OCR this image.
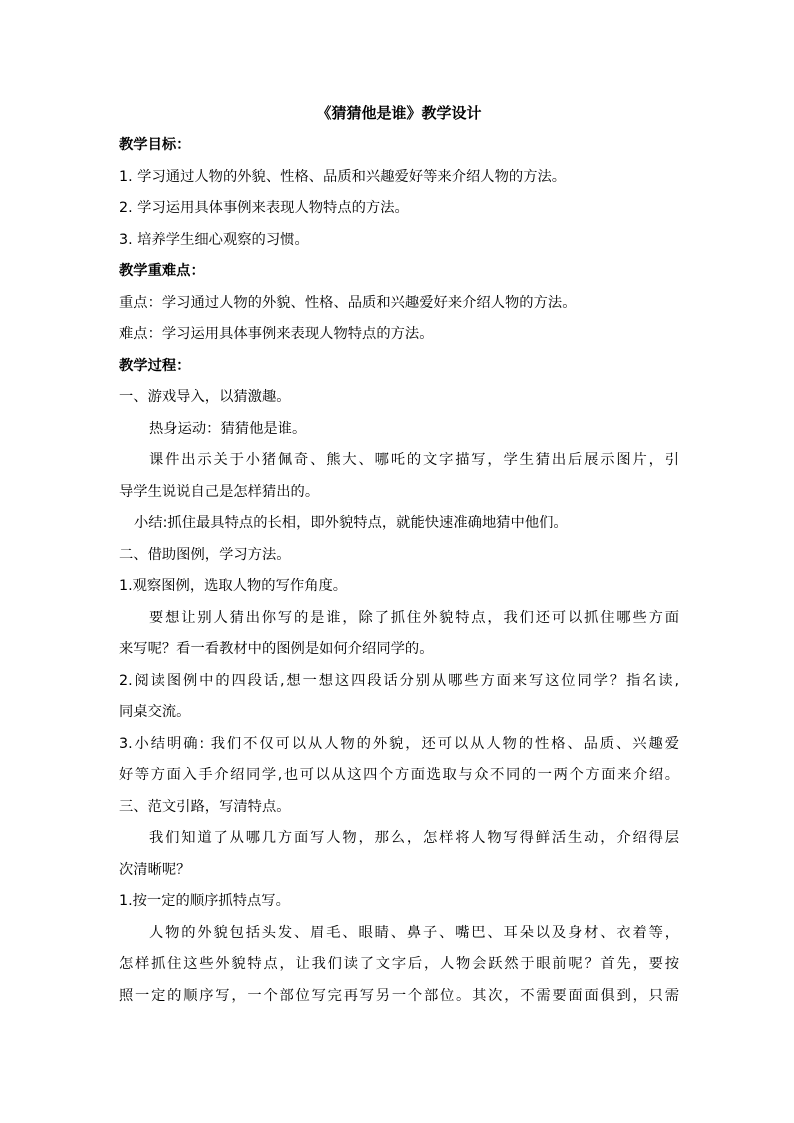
《猜猜他是谁》教学设计
教学目标：
1. 学习通过人物的外貌、性格、品质和兴趣爱好等来介绍人物的方法。
2. 学习运用具体事例来表现人物特点的方法。
3. 培养学生细心观察的习惯。
教学重难点：
重点：学习通过人物的外貌、性格、品质和兴趣爱好来介绍人物的方法。
难点：学习运用具体事例来表现人物特点的方法。
教学过程：
一、游戏导入，以猜激趣。
热身运动：猜猜他是谁。
课件出示关于小猪佩奇、熊大、哪吒的文字描写，学生猜出后展示图片，引
导学生说说自己是怎样猜出的。
小结:抓住最具特点的长相，即外貌特点，就能快速准确地猜中他们。
二、借助图例，学习方法。
1.观察图例，选取人物的写作角度。
要想让别人猜出你写的是谁，除了抓住外貌特点，我们还可以抓住哪些方面
来写呢？看一看教材中的图例是如何介绍同学的。
2.阅读图例中的四段话,想一想这四段话分别从哪些方面来写这位同学？指名读,
同桌交流。
3.小结明确: 我们不仅可以从人物的外貌，还可以从人物的性格、品质、兴趣爱
好等方面入手介绍同学,也可以从这四个方面选取与众不同的一两个方面来介绍。
三、范文引路，写清特点。
我们知道了从哪几方面写人物，那么，怎样将人物写得鲜活生动，介绍得层
次清晰呢？
1.按一定的顺序抓特点写。
人物的外貌包括头发、眉毛、眼睛、鼻子、嘴巴、耳朵以及身材、衣着等，
怎样抓住这些外貌特点，让我们读了文字后，人物会跃然于眼前呢？首先，要按
照一定的顺序写，一个部位写完再写另一个部位。其次，不需要面面俱到，只需
